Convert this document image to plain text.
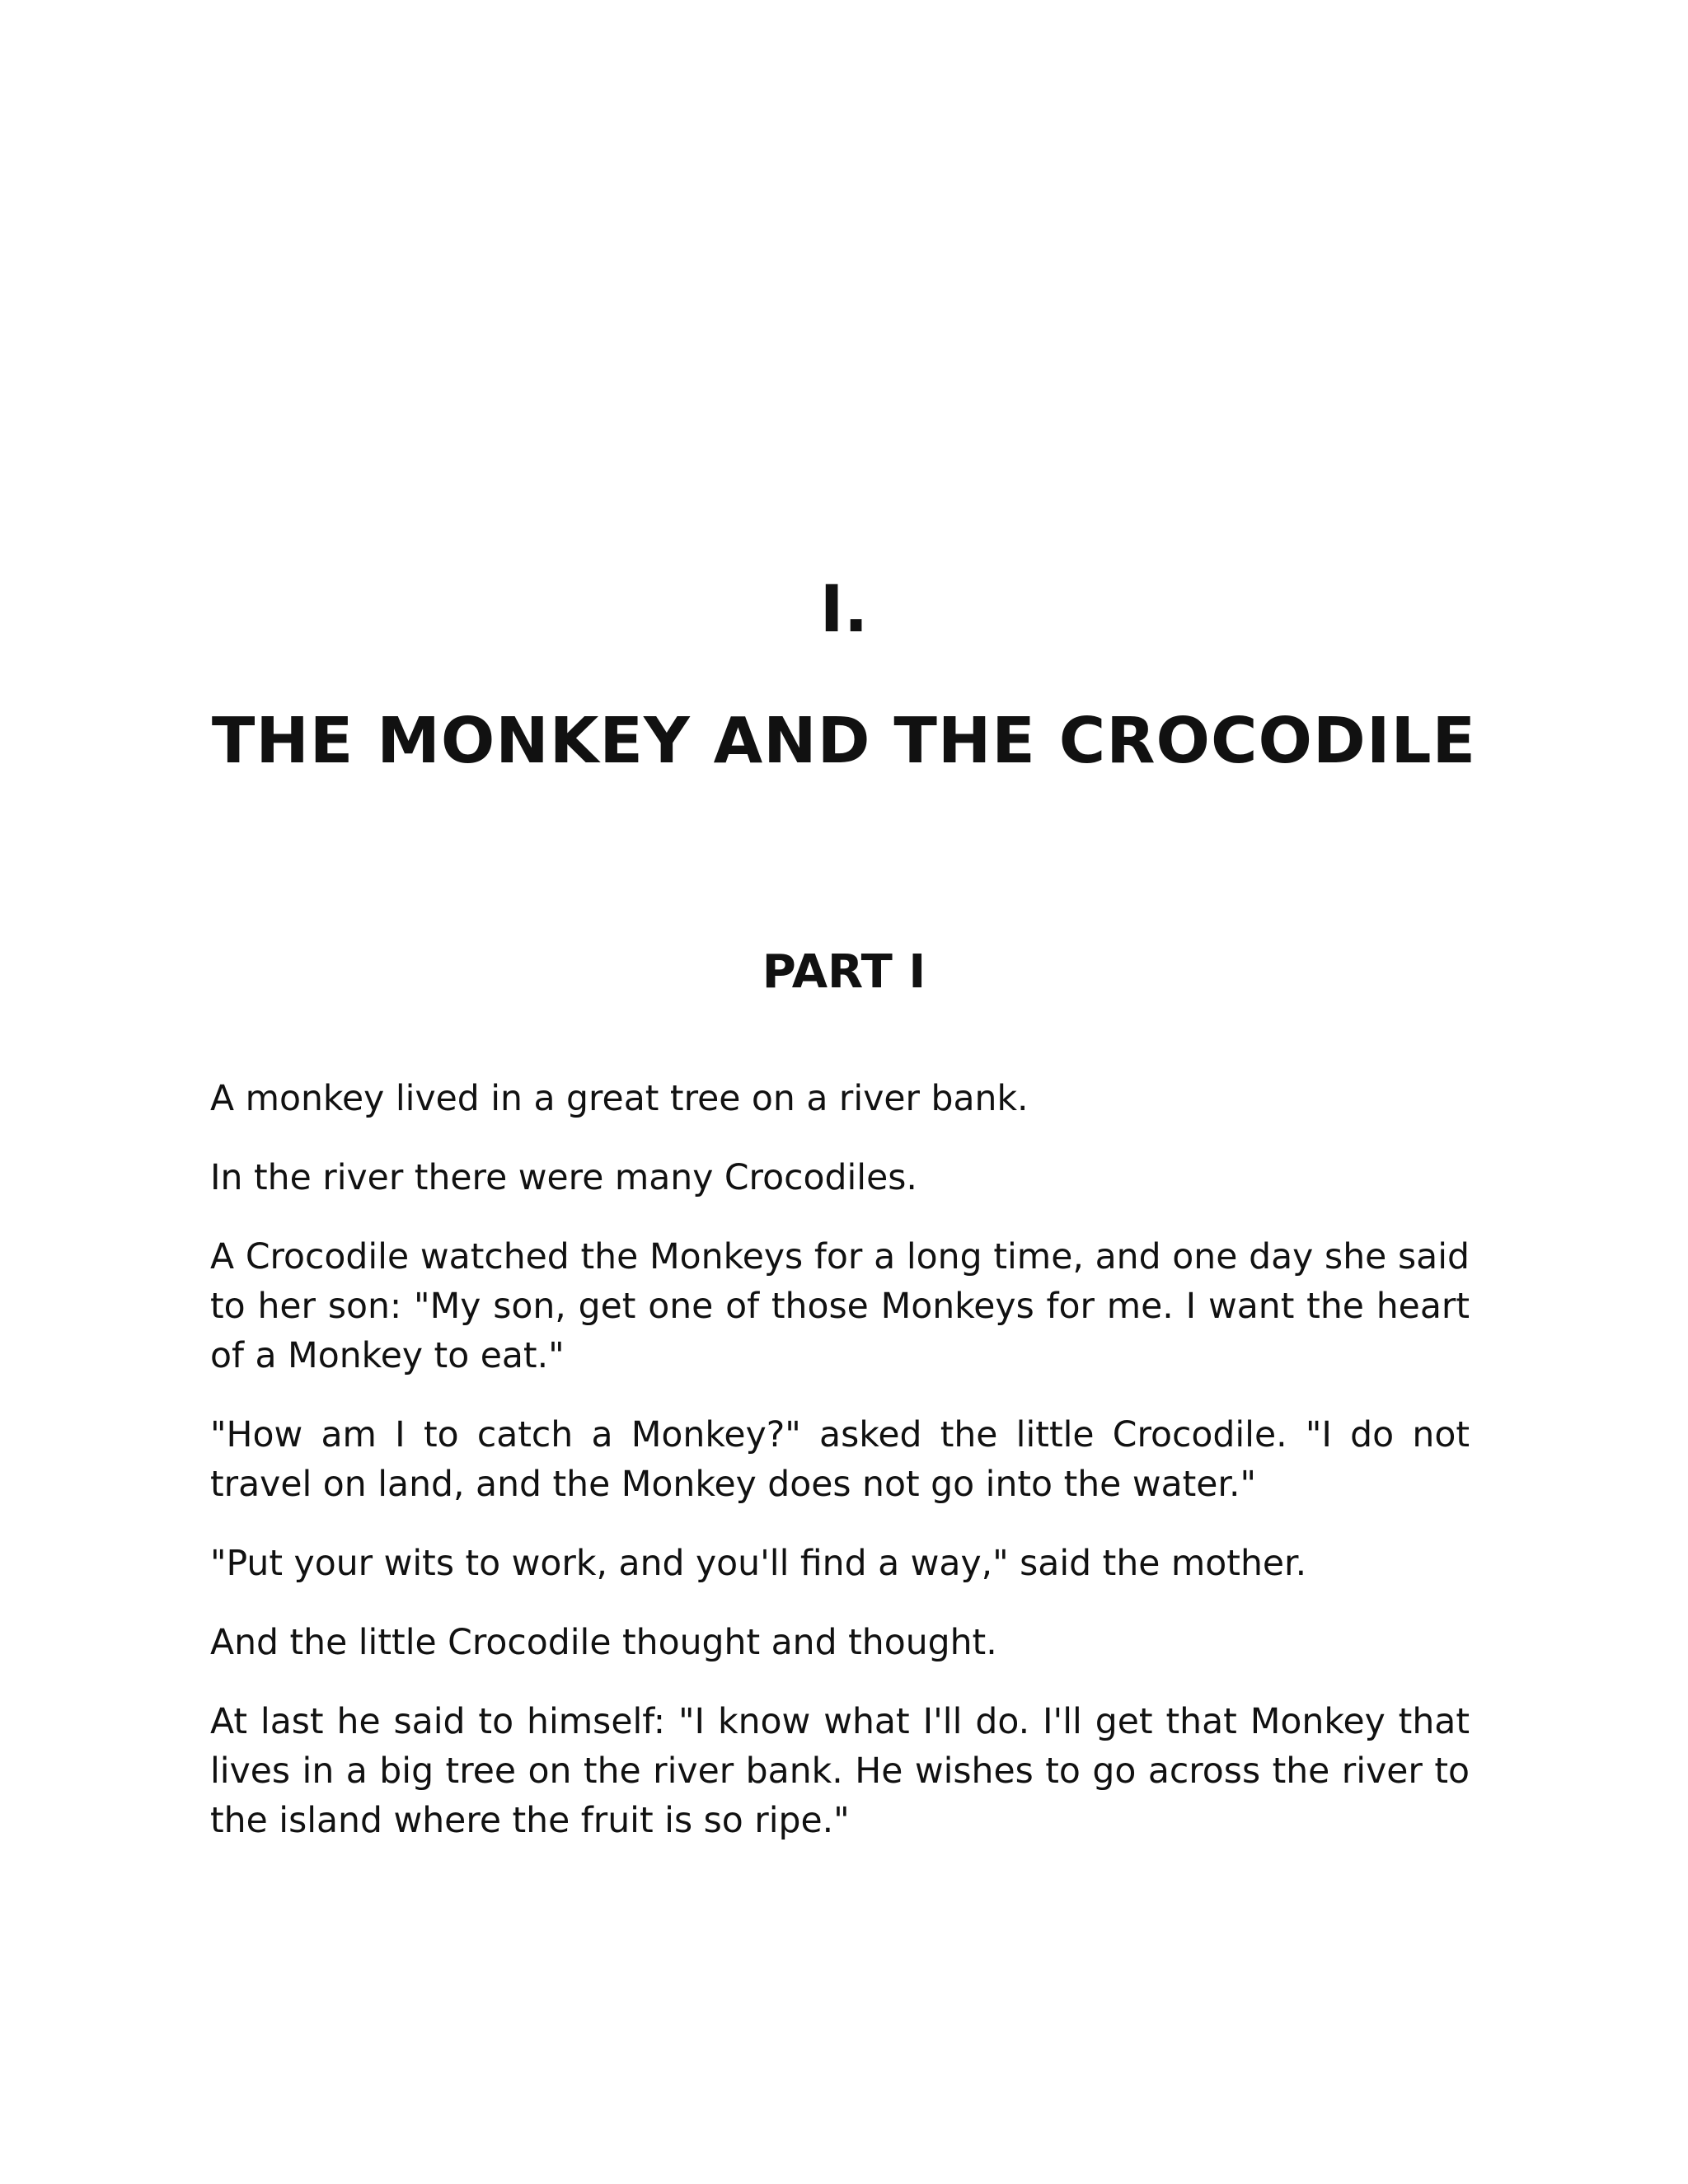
I.
THE MONKEY AND THE CROCODILE
PART I

A monkey lived in a great tree on a river bank.

In the river there were many Crocodiles.

A Crocodile watched the Monkeys for a long time, and one day she said to her son: "My son, get one of those Monkeys for me. I want the heart of a Monkey to eat."

"How am I to catch a Monkey?" asked the little Crocodile. "I do not travel on land, and the Monkey does not go into the water."

"Put your wits to work, and you'll find a way," said the mother.

And the little Crocodile thought and thought.

At last he said to himself: "I know what I'll do. I'll get that Monkey that lives in a big tree on the river bank. He wishes to go across the river to the island where the fruit is so ripe."
